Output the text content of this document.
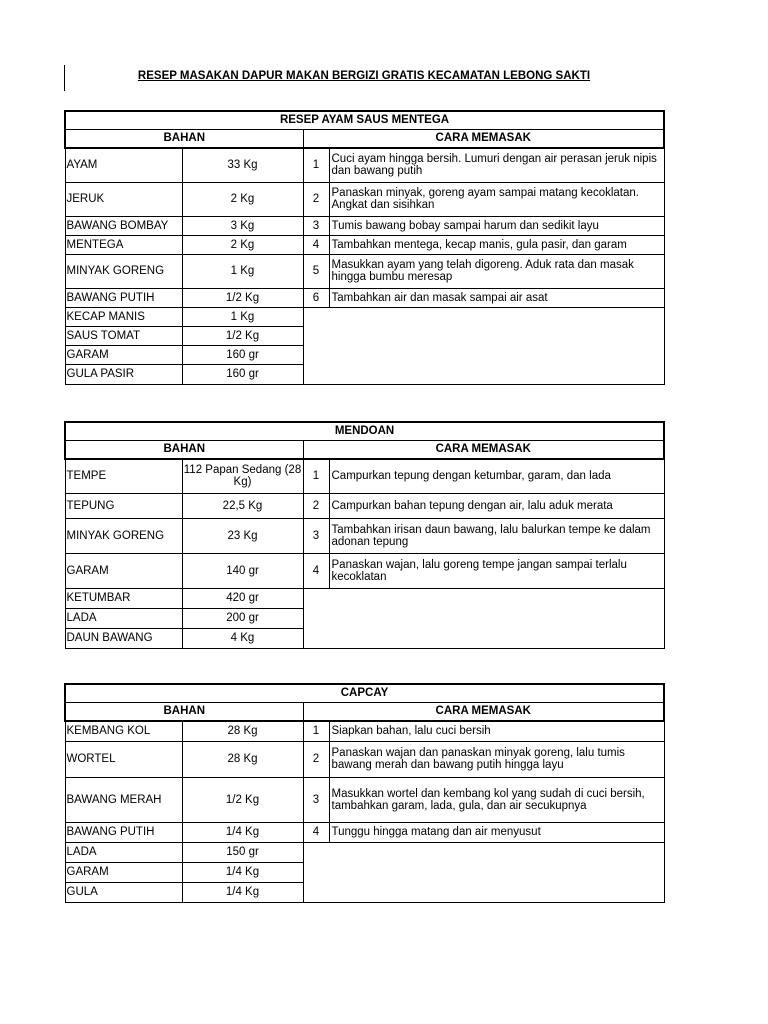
RESEP MASAKAN DAPUR MAKAN BERGIZI GRATIS KECAMATAN LEBONG SAKTI
RESEP AYAM SAUS MENTEGA			
BAHAN		CARA MEMASAK	
AYAM	33 Kg	1	Cuci ayam hingga bersih. Lumuri dengan air perasan jeruk nipis dan bawang putih
JERUK	2 Kg	2	Panaskan minyak, goreng ayam sampai matang kecoklatan. Angkat dan sisihkan
BAWANG BOMBAY	3 Kg	3	Tumis bawang bobay sampai harum dan sedikit layu
MENTEGA	2 Kg	4	Tambahkan mentega, kecap manis, gula pasir, dan garam
MINYAK GORENG	1 Kg	5	Masukkan ayam yang telah digoreng. Aduk rata dan masak hingga bumbu meresap
BAWANG PUTIH	1/2 Kg	6	Tambahkan air dan masak sampai air asat
KECAP MANIS	1 Kg		
SAUS TOMAT	1/2 Kg		
GARAM	160 gr		
GULA PASIR	160 gr		
MENDOAN			
BAHAN		CARA MEMASAK	
TEMPE	112 Papan Sedang (28 Kg)	1	Campurkan tepung dengan ketumbar, garam, dan lada
TEPUNG	22,5 Kg	2	Campurkan bahan tepung dengan air, lalu aduk merata
MINYAK GORENG	23 Kg	3	Tambahkan irisan daun bawang, lalu balurkan tempe ke dalam adonan tepung
GARAM	140 gr	4	Panaskan wajan, lalu goreng tempe jangan sampai terlalu kecoklatan
KETUMBAR	420 gr		
LADA	200 gr		
DAUN BAWANG	4 Kg		
CAPCAY			
BAHAN		CARA MEMASAK	
KEMBANG KOL	28 Kg	1	Siapkan bahan, lalu cuci bersih
WORTEL	28 Kg	2	Panaskan wajan dan panaskan minyak goreng, lalu tumis bawang merah dan bawang putih hingga layu
BAWANG MERAH	1/2 Kg	3	Masukkan wortel dan kembang kol yang sudah di cuci bersih, tambahkan garam, lada, gula, dan air secukupnya
BAWANG PUTIH	1/4 Kg	4	Tunggu hingga matang dan air menyusut
LADA	150 gr		
GARAM	1/4 Kg		
GULA	1/4 Kg		
